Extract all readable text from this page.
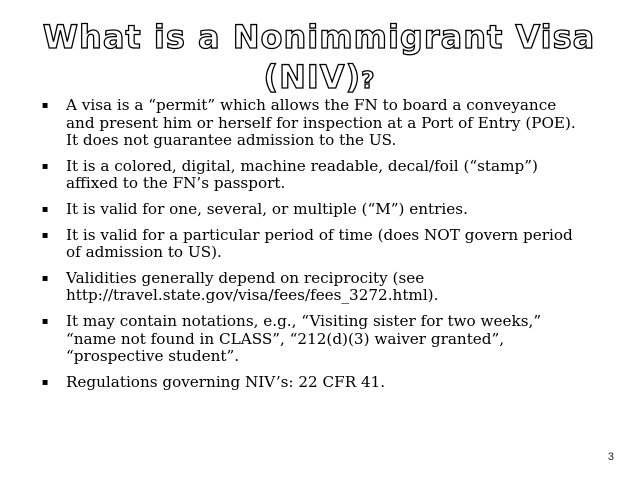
What is a Nonimmigrant Visa
(NIV)?
▪ A visa is a “permit” which allows the FN to board a conveyance and present him or herself for inspection at a Port of Entry (POE). It does not guarantee admission to the US.
▪ It is a colored, digital, machine readable, decal/foil (“stamp”) affixed to the FN’s passport.
▪ It is valid for one, several, or multiple (“M”) entries.
▪ It is valid for a particular period of time (does NOT govern period of admission to US).
▪ Validities generally depend on reciprocity (see http://travel.state.gov/visa/fees/fees_3272.html).
▪ It may contain notations, e.g., “Visiting sister for two weeks,” “name not found in CLASS”, “212(d)(3) waiver granted”, “prospective student”.
▪ Regulations governing NIV’s: 22 CFR 41.
3
